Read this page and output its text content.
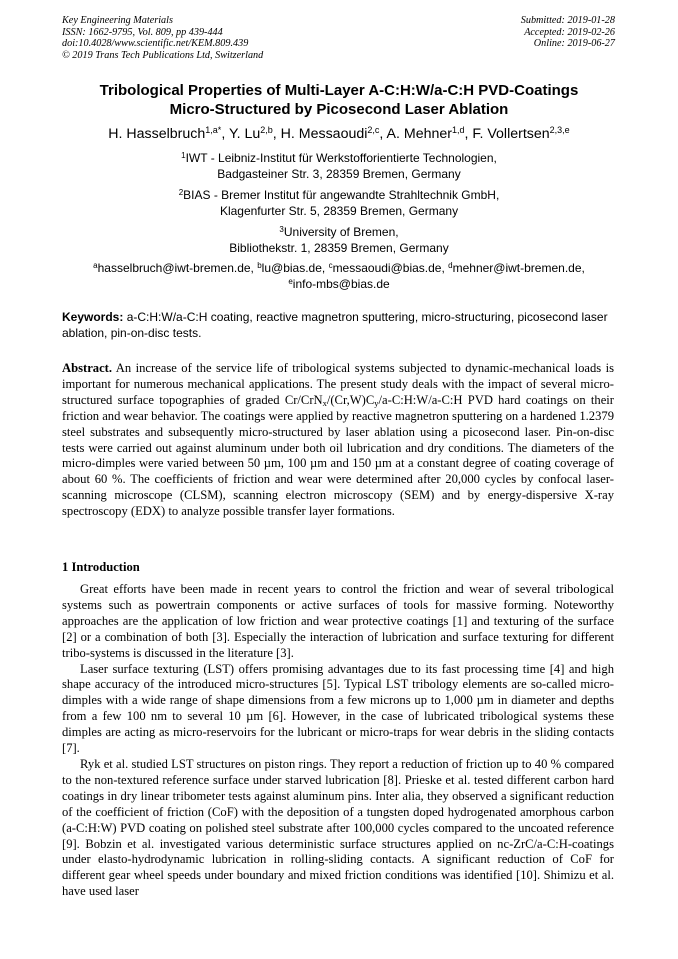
Key Engineering Materials
ISSN: 1662-9795, Vol. 809, pp 439-444
doi:10.4028/www.scientific.net/KEM.809.439
© 2019 Trans Tech Publications Ltd, Switzerland
Submitted: 2019-01-28
Accepted: 2019-02-26
Online: 2019-06-27
Tribological Properties of Multi-Layer A-C:H:W/a-C:H PVD-Coatings
Micro-Structured by Picosecond Laser Ablation
H. Hasselbruch$^{1,a*}$, Y. Lu$^{2,b}$, H. Messaoudi$^{2,c}$, A. Mehner$^{1,d}$, F. Vollertsen$^{2,3,e}$
$^1$IWT - Leibniz-Institut für Werkstofforientierte Technologien,
Badgasteiner Str. 3, 28359 Bremen, Germany
$^2$BIAS - Bremer Institut für angewandte Strahltechnik GmbH,
Klagenfurter Str. 5, 28359 Bremen, Germany
$^3$University of Bremen,
Bibliothekstr. 1, 28359 Bremen, Germany
$^a$hasselbruch@iwt-bremen.de, $^b$lu@bias.de, $^c$messaoudi@bias.de, $^d$mehner@iwt-bremen.de,
$^e$info-mbs@bias.de
Keywords: a-C:H:W/a-C:H coating, reactive magnetron sputtering, micro-structuring, picosecond laser ablation, pin-on-disc tests.
Abstract. An increase of the service life of tribological systems subjected to dynamic-mechanical loads is important for numerous mechanical applications. The present study deals with the impact of several micro-structured surface topographies of graded $Cr/CrN_x/(Cr,W)C_y/a-C:H:W/a-C:H$ PVD hard coatings on their friction and wear behavior. The coatings were applied by reactive magnetron sputtering on a hardened 1.2379 steel substrates and subsequently micro-structured by laser ablation using a picosecond laser. Pin-on-disc tests were carried out against aluminum under both oil lubrication and dry conditions. The diameters of the micro-dimples were varied between 50 µm, 100 µm and 150 µm at a constant degree of coating coverage of about 60 %. The coefficients of friction and wear were determined after 20,000 cycles by confocal laser-scanning microscope (CLSM), scanning electron microscopy (SEM) and by energy-dispersive X-ray spectroscopy (EDX) to analyze possible transfer layer formations.
1 Introduction

Great efforts have been made in recent years to control the friction and wear of several tribological systems such as powertrain components or active surfaces of tools for massive forming. Noteworthy approaches are the application of low friction and wear protective coatings [1] and texturing of the surface [2] or a combination of both [3]. Especially the interaction of lubrication and surface texturing for different tribo-systems is discussed in the literature [3].

Laser surface texturing (LST) offers promising advantages due to its fast processing time [4] and high shape accuracy of the introduced micro-structures [5]. Typical LST tribology elements are so-called micro-dimples with a wide range of shape dimensions from a few microns up to 1,000 µm in diameter and depths from a few 100 nm to several 10 µm [6]. However, in the case of lubricated tribological systems these dimples are acting as micro-reservoirs for the lubricant or micro-traps for wear debris in the sliding contacts [7].

Ryk et al. studied LST structures on piston rings. They report a reduction of friction up to 40 % compared to the non-textured reference surface under starved lubrication [8]. Prieske et al. tested different carbon hard coatings in dry linear tribometer tests against aluminum pins. Inter alia, they observed a significant reduction of the coefficient of friction (CoF) with the deposition of a tungsten doped hydrogenated amorphous carbon (a-C:H:W) PVD coating on polished steel substrate after 100,000 cycles compared to the uncoated reference [9]. Bobzin et al. investigated various deterministic surface structures applied on nc-ZrC/a-C:H-coatings under elasto-hydrodynamic lubrication in rolling-sliding contacts. A significant reduction of CoF for different gear wheel speeds under boundary and mixed friction conditions was identified [10]. Shimizu et al. have used laser
